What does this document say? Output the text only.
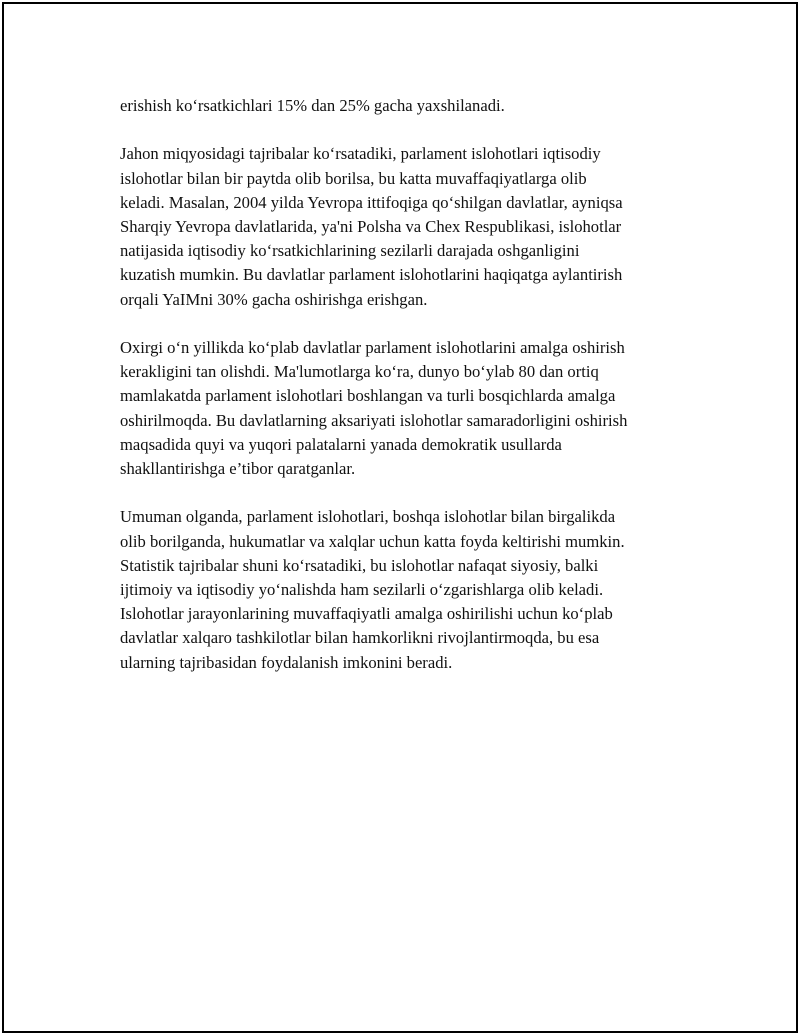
erishish ko‘rsatkichlari 15% dan 25% gacha yaxshilanadi.

Jahon miqyosidagi tajribalar ko‘rsatadiki, parlament islohotlari iqtisodiy
islohotlar bilan bir paytda olib borilsa, bu katta muvaffaqiyatlarga olib
keladi. Masalan, 2004 yilda Yevropa ittifoqiga qo‘shilgan davlatlar, ayniqsa
Sharqiy Yevropa davlatlarida, ya'ni Polsha va Chex Respublikasi, islohotlar
natijasida iqtisodiy ko‘rsatkichlarining sezilarli darajada oshganligini
kuzatish mumkin. Bu davlatlar parlament islohotlarini haqiqatga aylantirish
orqali YaIMni 30% gacha oshirishga erishgan.

Oxirgi o‘n yillikda ko‘plab davlatlar parlament islohotlarini amalga oshirish
kerakligini tan olishdi. Ma'lumotlarga ko‘ra, dunyo bo‘ylab 80 dan ortiq
mamlakatda parlament islohotlari boshlangan va turli bosqichlarda amalga
oshirilmoqda. Bu davlatlarning aksariyati islohotlar samaradorligini oshirish
maqsadida quyi va yuqori palatalarni yanada demokratik usullarda
shakllantirishga e’tibor qaratganlar.

Umuman olganda, parlament islohotlari, boshqa islohotlar bilan birgalikda
olib borilganda, hukumatlar va xalqlar uchun katta foyda keltirishi mumkin.
Statistik tajribalar shuni ko‘rsatadiki, bu islohotlar nafaqat siyosiy, balki
ijtimoiy va iqtisodiy yo‘nalishda ham sezilarli o‘zgarishlarga olib keladi.
Islohotlar jarayonlarining muvaffaqiyatli amalga oshirilishi uchun ko‘plab
davlatlar xalqaro tashkilotlar bilan hamkorlikni rivojlantirmoqda, bu esa
ularning tajribasidan foydalanish imkonini beradi.
